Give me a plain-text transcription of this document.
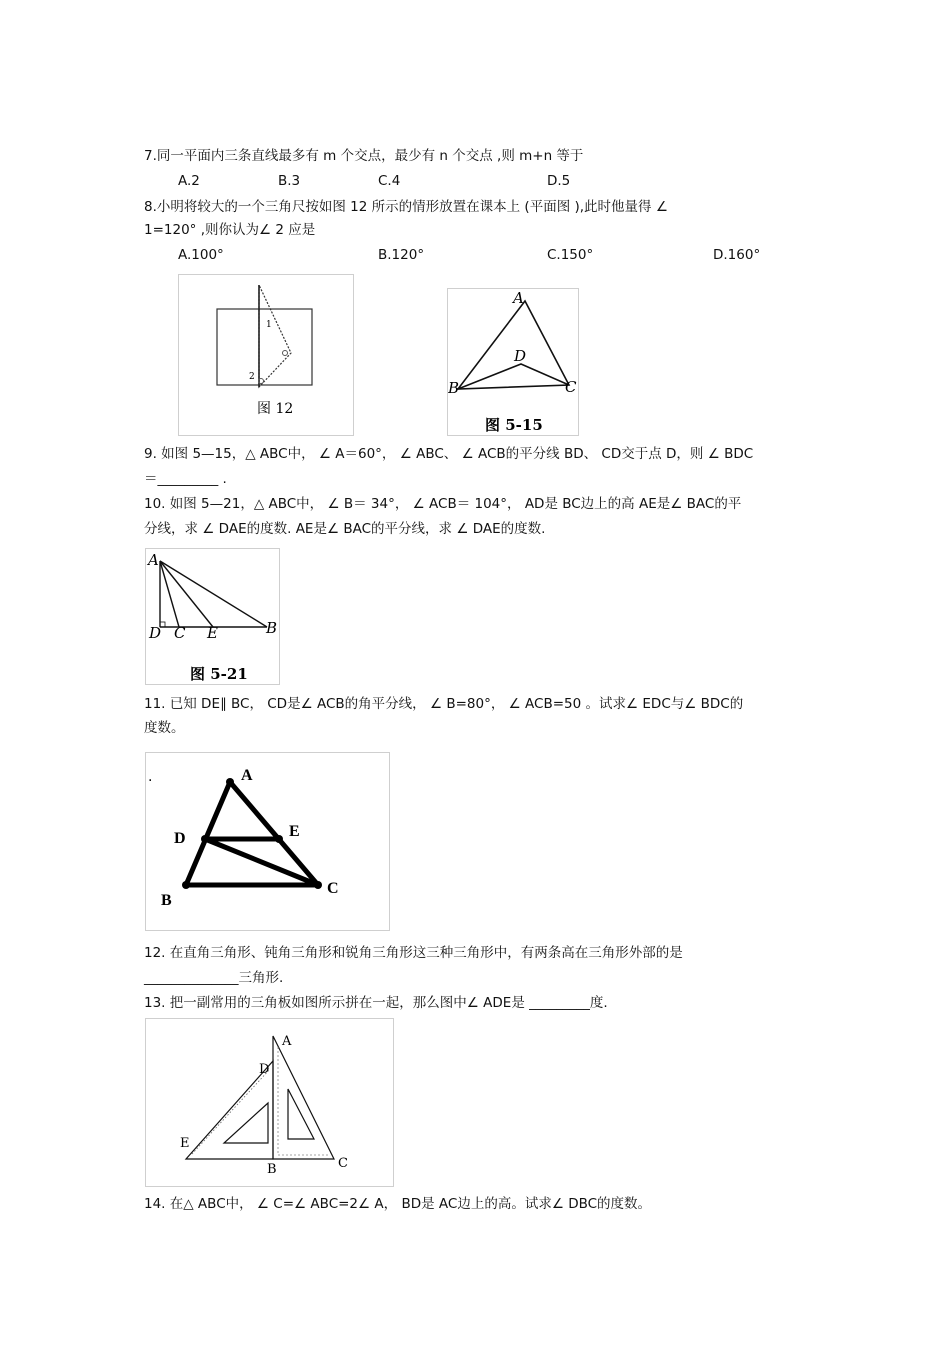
7.同一平面内三条直线最多有 m 个交点，最少有 n 个交点 ,则 m+n 等于
A.2	B.3	C.4	D.5
8.小明将较大的一个三角尺按如图 12 所示的情形放置在课本上 (平面图 ),此时他量得 ∠
1=120° ,则你认为∠ 2 应是
A.100°	B.120°	C.150°	D.160°
1
2
图 12
A
B	C
D
图 5-15
9. 如图 5—15，△ ABC中， ∠ A＝60°， ∠ ABC、 ∠ ACB的平分线 BD、 CD交于点 D，则 ∠ BDC
＝_________ .
10. 如图 5—21，△ ABC中， ∠ B＝ 34°， ∠ ACB＝ 104°， AD是 BC边上的高 AE是∠ BAC的平
分线，求 ∠ DAE的度数. AE是∠ BAC的平分线，求 ∠ DAE的度数.
A
D C E	B
图 5-21
11. 已知 DE∥ BC， CD是∠ ACB的角平分线， ∠ B=80°， ∠ ACB=50 。试求∠ EDC与∠ BDC的
度数。
.	A
D	E
B
C
12. 在直角三角形、钝角三角形和锐角三角形这三种三角形中，有两条高在三角形外部的是
______________三角形.
13. 把一副常用的三角板如图所示拼在一起，那么图中∠ ADE是 _________度.
A
D
E
B	C
14. 在△ ABC中， ∠ C=∠ ABC=2∠ A， BD是 AC边上的高。试求∠ DBC的度数。
